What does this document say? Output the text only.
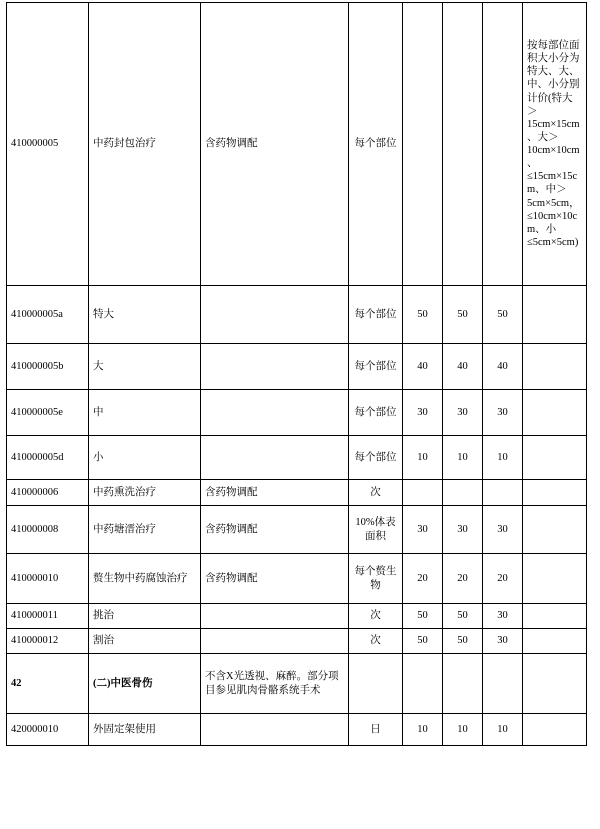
410000005	中药封包治疗	含药物调配	每个部位				按每部位面积大小分为特大、大、中、小分别计价(特大＞15cm×15cm、大＞10cm×10cm、≤15cm×15cm、中＞5cm×5cm，≤10cm×10cm、小≤5cm×5cm)
410000005a	特大		每个部位	50	50	50	
410000005b	大		每个部位	40	40	40	
410000005e	中		每个部位	30	30	30	
410000005d	小		每个部位	10	10	10	
410000006	中药熏洗治疗	含药物调配	次				
410000008	中药塘溍治疗	含药物调配	10%体表面积	30	30	30	
410000010	赘生物中药腐蚀治疗	含药物调配	每个赘生物	20	20	20	
410000011	挑治		次	50	50	30	
410000012	割治		次	50	50	30	
42	(二)中医骨伤	不含X光透视、麻醉。部分项目参见肌肉骨骼系统手术					
420000010	外固定架使用		日	10	10	10	
